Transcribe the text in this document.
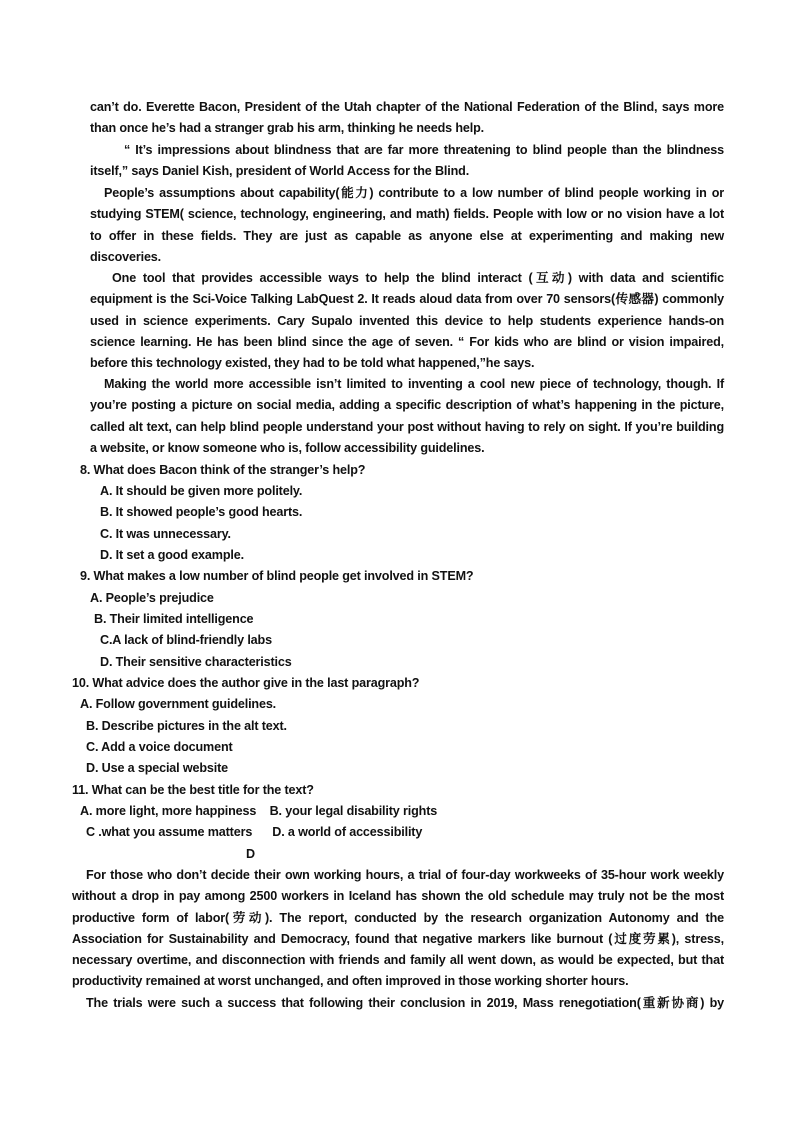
can’t do. Everette Bacon, President of the Utah chapter of the National Federation of the Blind, says more than once he’s had a stranger grab his arm, thinking he needs help.

“ It’s impressions about blindness that are far more threatening to blind people than the blindness itself,” says Daniel Kish, president of World Access for the Blind.

People’s assumptions about capability(能力) contribute to a low number of blind people working in or studying STEM( science, technology, engineering, and math) fields. People with low or no vision have a lot to offer in these fields. They are just as capable as anyone else at experimenting and making new discoveries.

One tool that provides accessible ways to help the blind interact (互动) with data and scientific equipment is the Sci-Voice Talking LabQuest 2. It reads aloud data from over 70 sensors(传感器) commonly used in science experiments. Cary Supalo invented this device to help students experience hands-on science learning. He has been blind since the age of seven. “ For kids who are blind or vision impaired, before this technology existed, they had to be told what happened,”he says.

Making the world more accessible isn’t limited to inventing a cool new piece of technology, though. If you’re posting a picture on social media, adding a specific description of what’s happening in the picture, called alt text, can help blind people understand your post without having to rely on sight. If you’re building a website, or know someone who is, follow accessibility guidelines.

8. What does Bacon think of the stranger’s help?

A. It should be given more politely.

B. It showed people’s good hearts.

C. It was unnecessary.

D. It set a good example.

9. What makes a low number of blind people get involved in STEM?

A. People’s prejudice

B. Their limited intelligence

C.A lack of blind-friendly labs

D. Their sensitive characteristics

10. What advice does the author give in the last paragraph?

A. Follow government guidelines.

B. Describe pictures in the alt text.

C. Add a voice document

D. Use a special website

11. What can be the best title for the text?

A. more light, more happiness    B. your legal disability rights

C .what you assume matters      D. a world of accessibility

D

For those who don’t decide their own working hours, a trial of four-day workweeks of 35-hour work weekly without a drop in pay among 2500 workers in Iceland has shown the old schedule may truly not be the most productive form of labor(劳动). The report, conducted by the research organization Autonomy and the Association for Sustainability and Democracy, found that negative markers like burnout (过度劳累), stress, necessary overtime, and disconnection with friends and family all went down, as would be expected, but that productivity remained at worst unchanged, and often improved in those working shorter hours.

The trials were such a success that following their conclusion in 2019, Mass renegotiation(重新协商) by
